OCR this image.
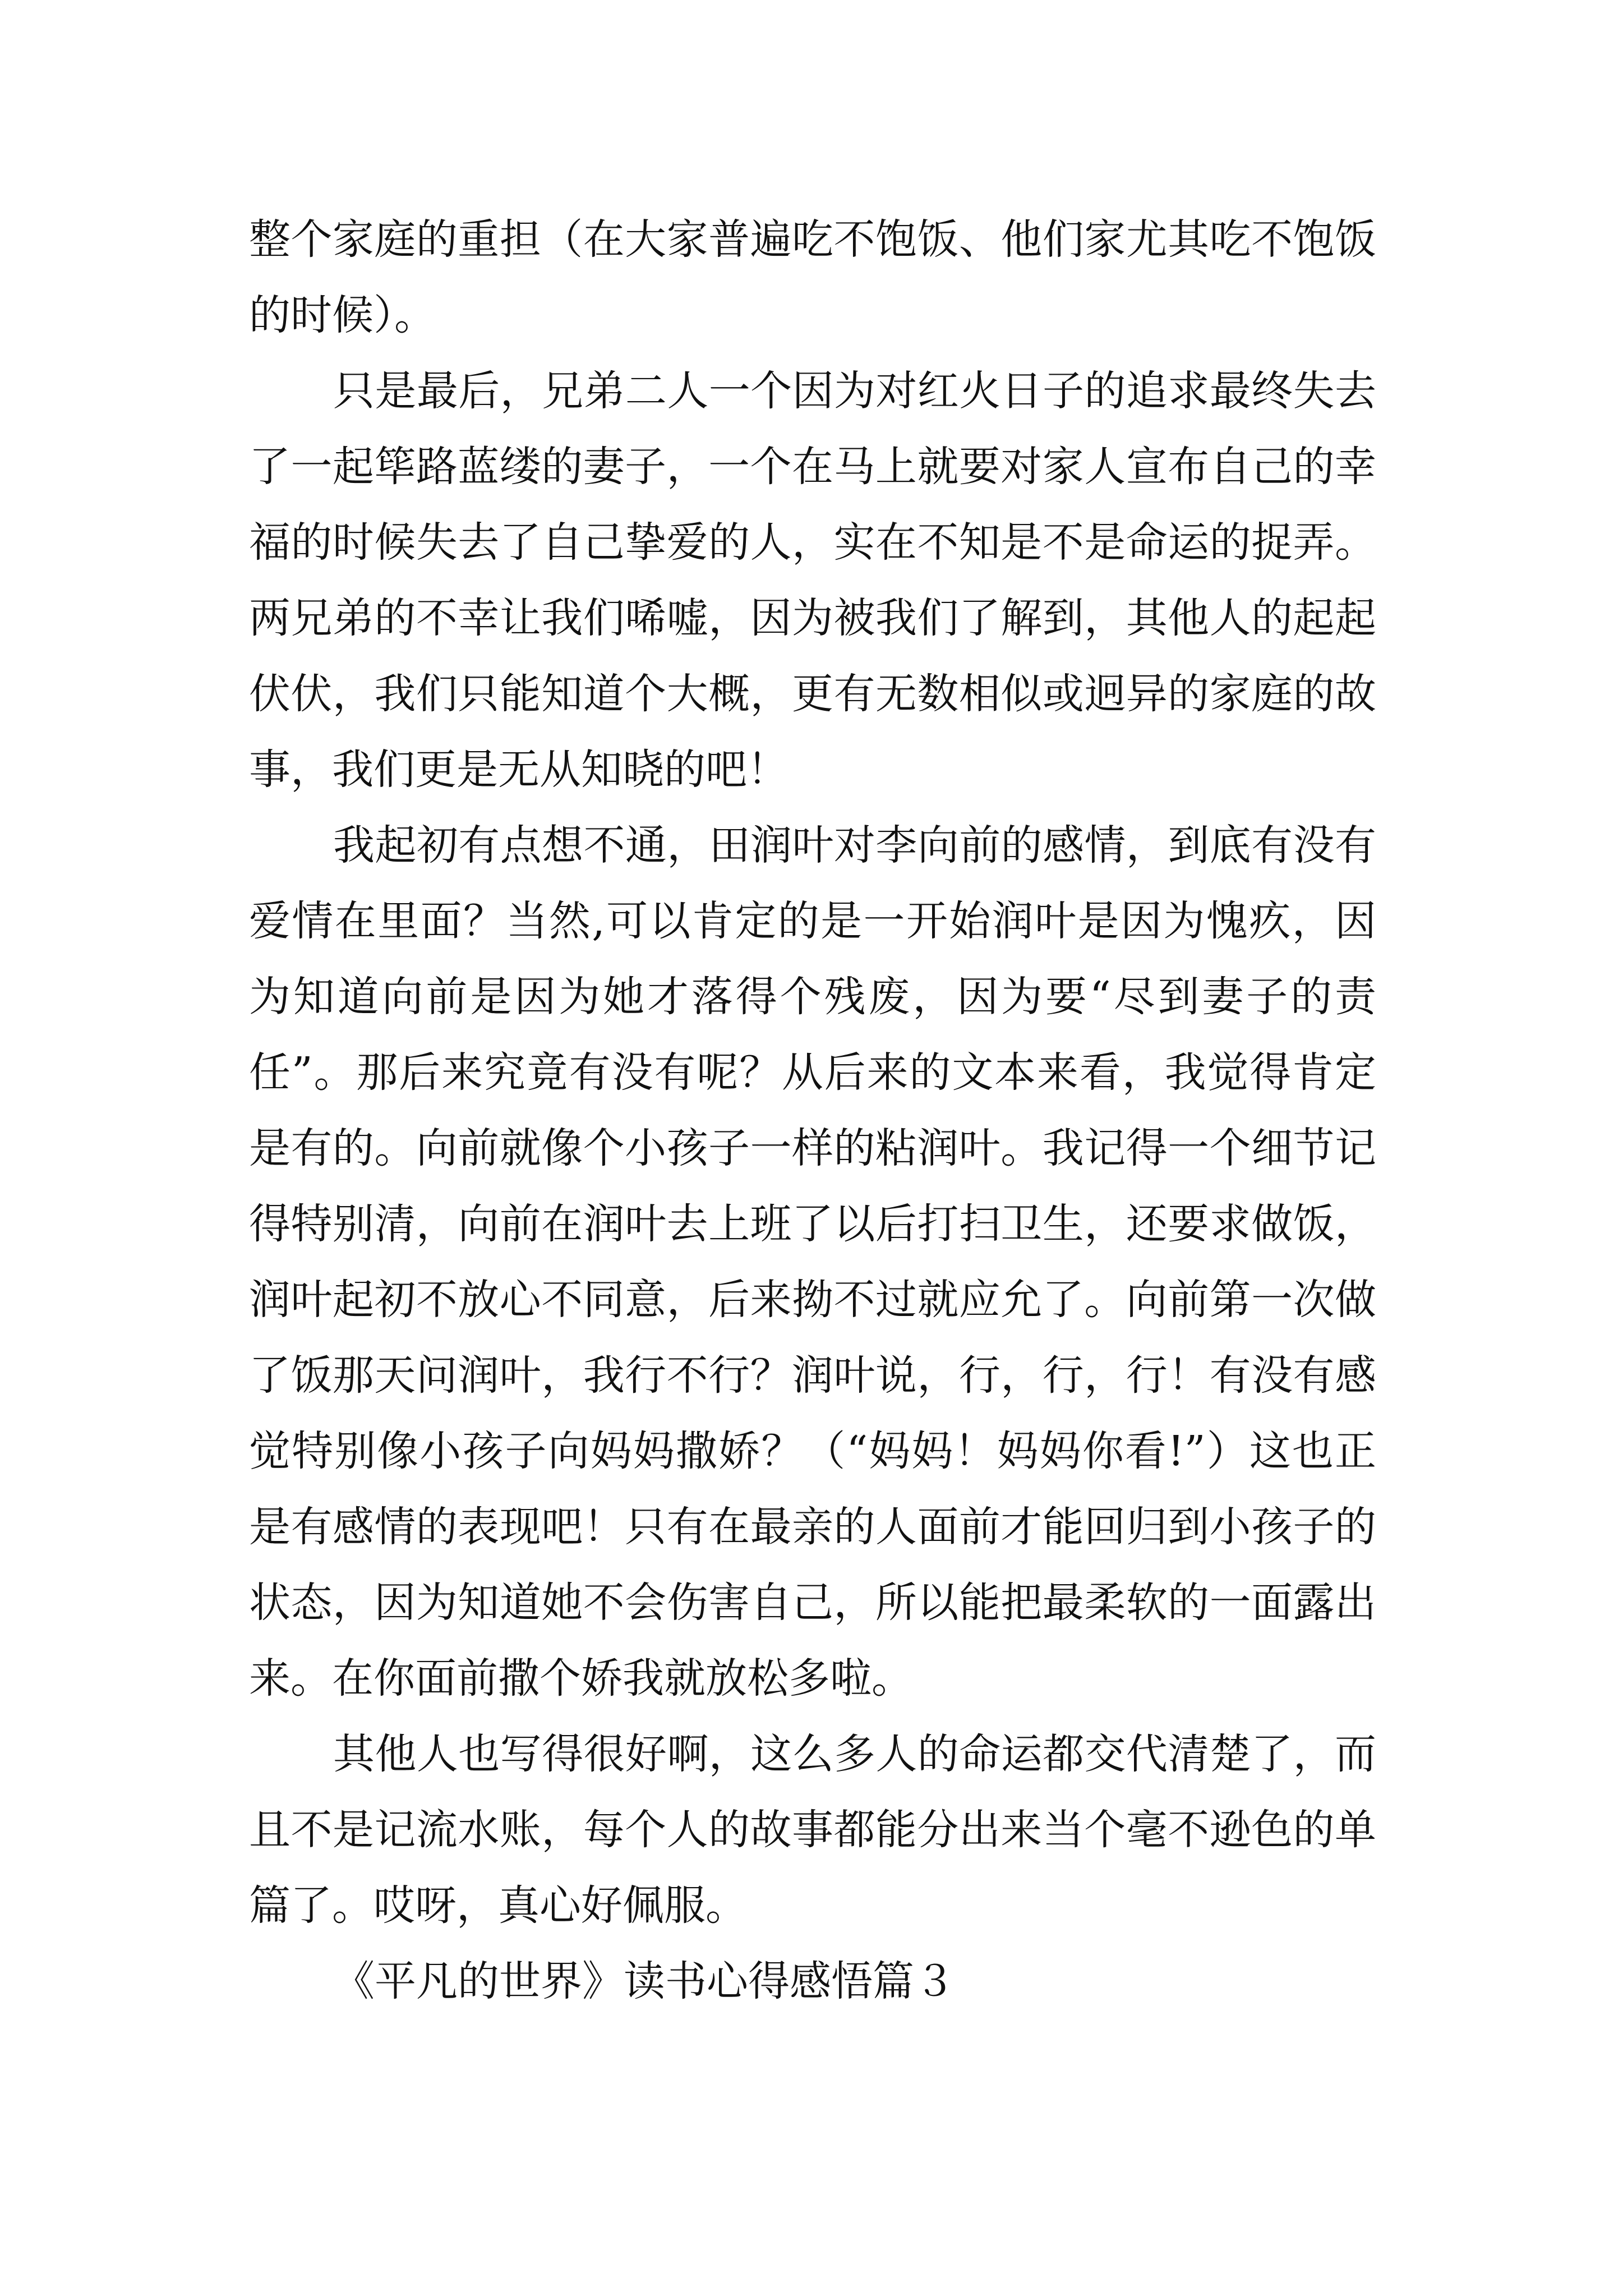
整个家庭的重担（在大家普遍吃不饱饭、他们家尤其吃不饱饭的时候）。

只是最后，兄弟二人一个因为对红火日子的追求最终失去了一起筚路蓝缕的妻子，一个在马上就要对家人宣布自己的幸福的时候失去了自己挚爱的人，实在不知是不是命运的捉弄。两兄弟的不幸让我们唏嘘，因为被我们了解到，其他人的起起伏伏，我们只能知道个大概，更有无数相似或迥异的家庭的故事，我们更是无从知晓的吧！

我起初有点想不通，田润叶对李向前的感情，到底有没有爱情在里面？当然,可以肯定的是一开始润叶是因为愧疚，因为知道向前是因为她才落得个残废，因为要“尽到妻子的责任”。那后来究竟有没有呢？从后来的文本来看，我觉得肯定是有的。向前就像个小孩子一样的粘润叶。我记得一个细节记得特别清，向前在润叶去上班了以后打扫卫生，还要求做饭，润叶起初不放心不同意，后来拗不过就应允了。向前第一次做了饭那天问润叶，我行不行？润叶说，行，行，行！有没有感觉特别像小孩子向妈妈撒娇？（“妈妈！妈妈你看!”）这也正是有感情的表现吧！只有在最亲的人面前才能回归到小孩子的状态，因为知道她不会伤害自己，所以能把最柔软的一面露出来。在你面前撒个娇我就放松多啦。

其他人也写得很好啊，这么多人的命运都交代清楚了，而且不是记流水账，每个人的故事都能分出来当个毫不逊色的单篇了。哎呀，真心好佩服。

《平凡的世界》读书心得感悟篇３
